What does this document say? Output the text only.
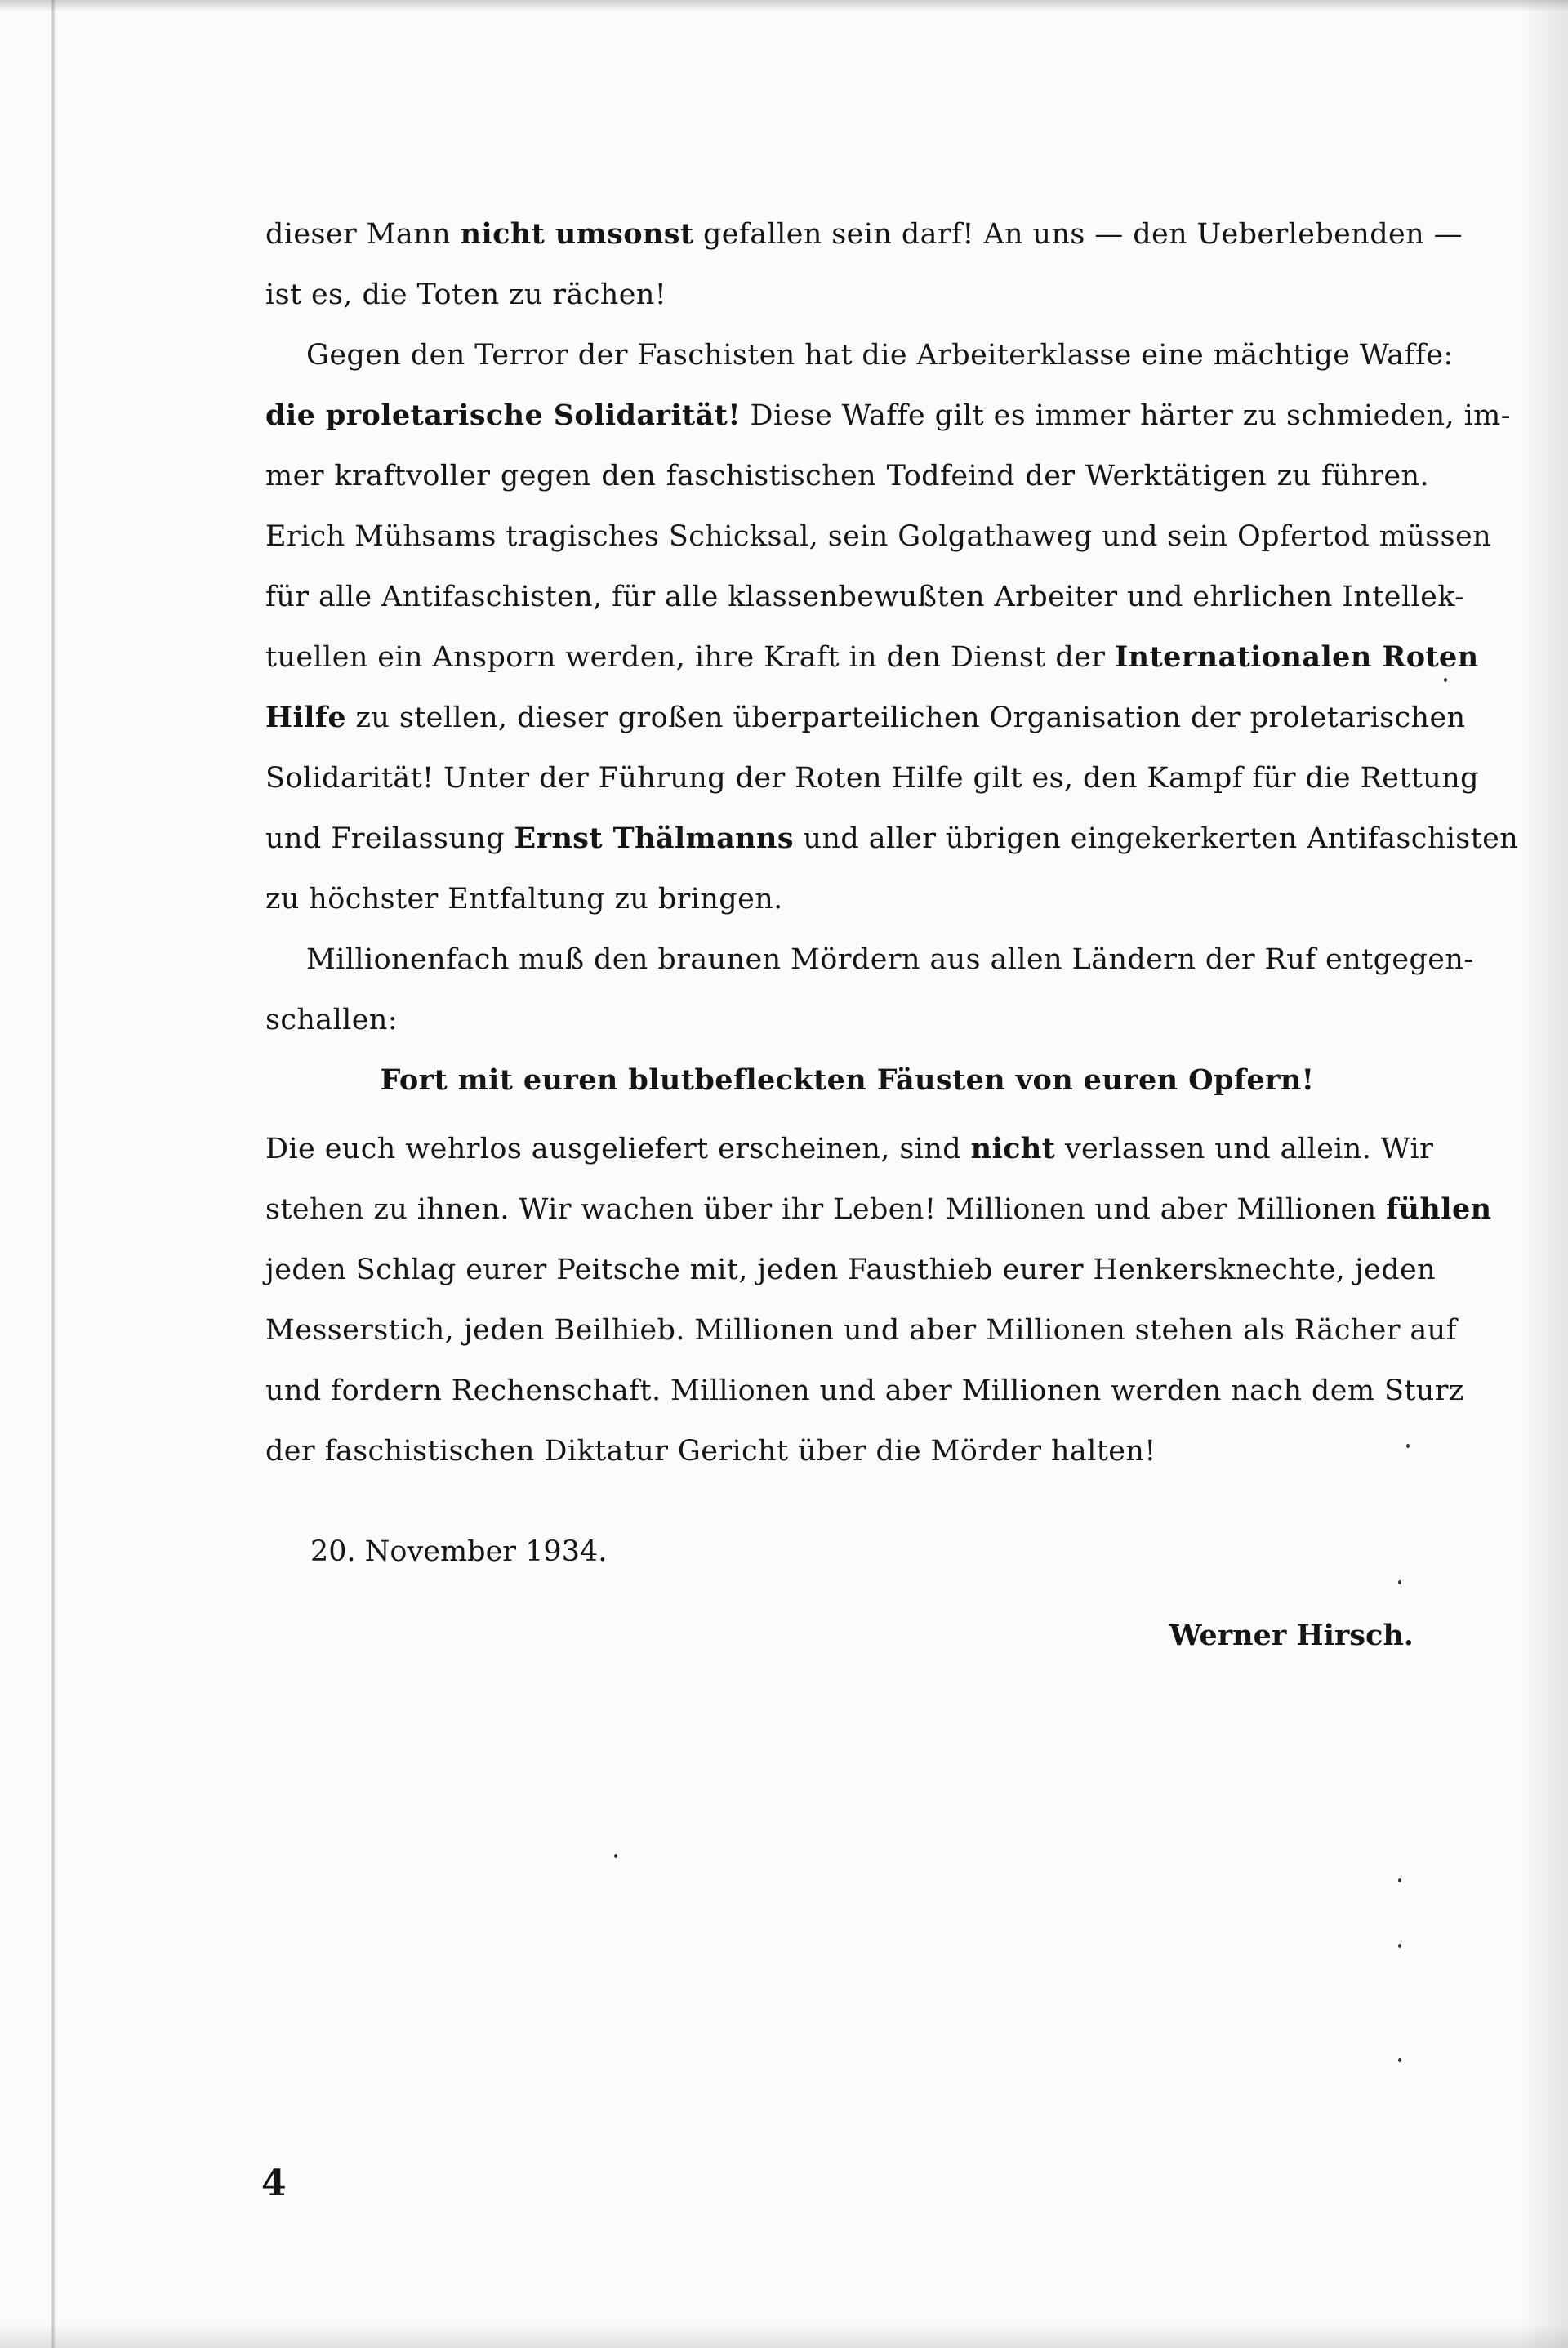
dieser Mann nicht umsonst gefallen sein darf! An uns — den Ueberlebenden —
ist es, die Toten zu rächen!
Gegen den Terror der Faschisten hat die Arbeiterklasse eine mächtige Waffe:
die proletarische Solidarität! Diese Waffe gilt es immer härter zu schmieden, im-
mer kraftvoller gegen den faschistischen Todfeind der Werktätigen zu führen.
Erich Mühsams tragisches Schicksal, sein Golgathaweg und sein Opfertod müssen
für alle Antifaschisten, für alle klassenbewußten Arbeiter und ehrlichen Intellek-
tuellen ein Ansporn werden, ihre Kraft in den Dienst der Internationalen Roten
Hilfe zu stellen, dieser großen überparteilichen Organisation der proletarischen
Solidarität! Unter der Führung der Roten Hilfe gilt es, den Kampf für die Rettung
und Freilassung Ernst Thälmanns und aller übrigen eingekerkerten Antifaschisten
zu höchster Entfaltung zu bringen.
Millionenfach muß den braunen Mördern aus allen Ländern der Ruf entgegen-
schallen:
Fort mit euren blutbefleckten Fäusten von euren Opfern!
Die euch wehrlos ausgeliefert erscheinen, sind nicht verlassen und allein. Wir
stehen zu ihnen. Wir wachen über ihr Leben! Millionen und aber Millionen fühlen
jeden Schlag eurer Peitsche mit, jeden Fausthieb eurer Henkersknechte, jeden
Messerstich, jeden Beilhieb. Millionen und aber Millionen stehen als Rächer auf
und fordern Rechenschaft. Millionen und aber Millionen werden nach dem Sturz
der faschistischen Diktatur Gericht über die Mörder halten!
20. November 1934.
Werner Hirsch.
4
